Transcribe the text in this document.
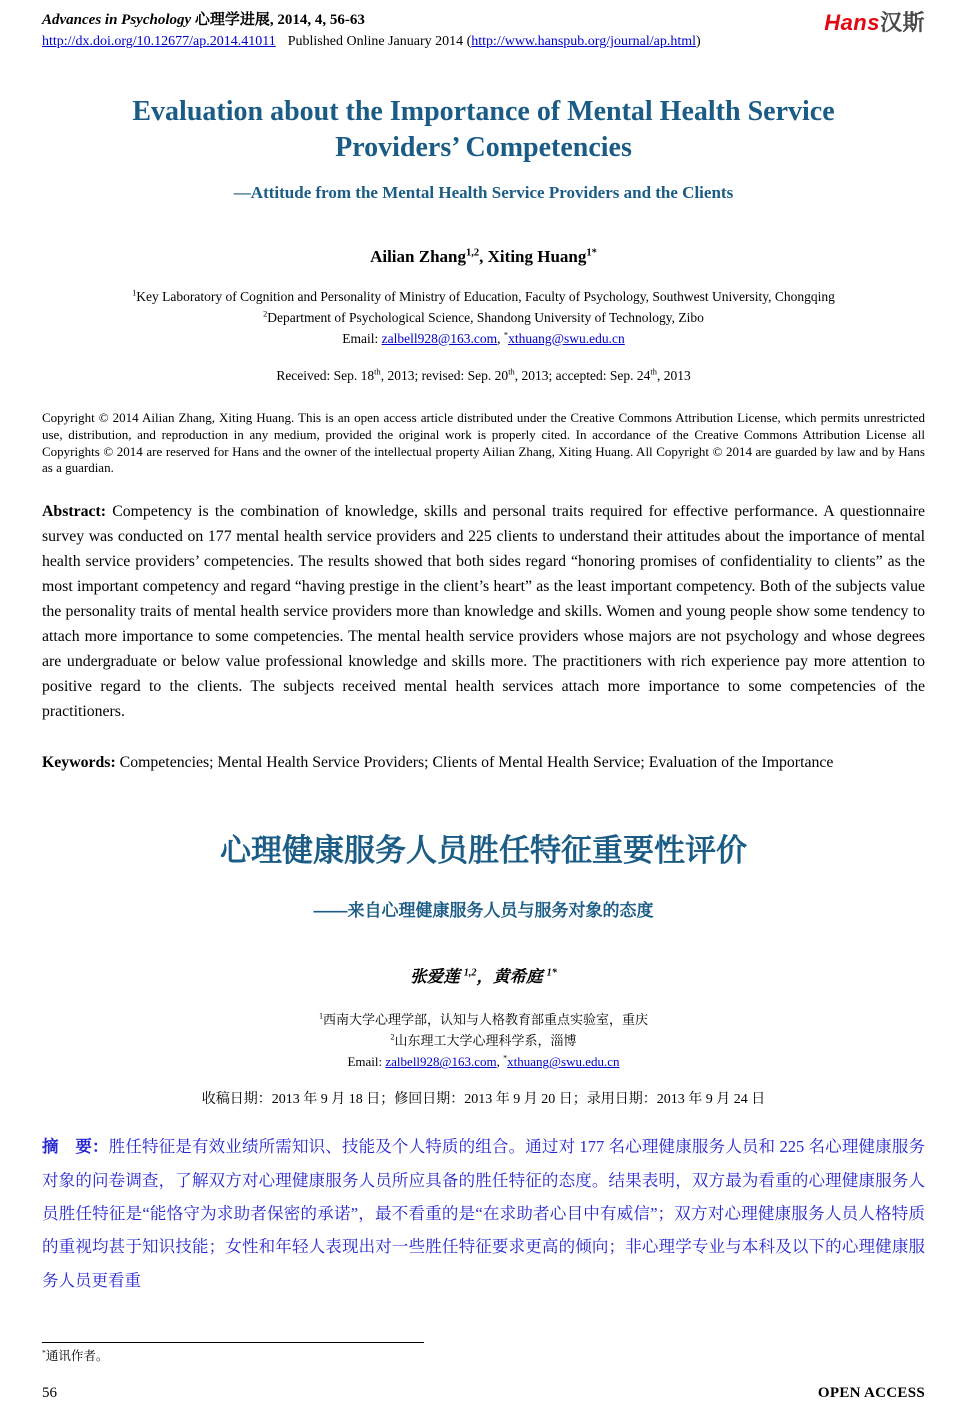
Advances in Psychology 心理学进展, 2014, 4, 56-63
http://dx.doi.org/10.12677/ap.2014.41011 Published Online January 2014 (http://www.hanspub.org/journal/ap.html)
Hans汉斯
Evaluation about the Importance of Mental Health Service Providers’ Competencies
—Attitude from the Mental Health Service Providers and the Clients
Ailian Zhang$^{1,2}$, Xiting Huang$^{1*}$
$^1$Key Laboratory of Cognition and Personality of Ministry of Education, Faculty of Psychology, Southwest University, Chongqing
$^2$Department of Psychological Science, Shandong University of Technology, Zibo
Email: zalbell928@163.com, *xthuang@swu.edu.cn
Received: Sep. 18th, 2013; revised: Sep. 20th, 2013; accepted: Sep. 24th, 2013
Copyright © 2014 Ailian Zhang, Xiting Huang. This is an open access article distributed under the Creative Commons Attribution License, which permits unrestricted use, distribution, and reproduction in any medium, provided the original work is properly cited. In accordance of the Creative Commons Attribution License all Copyrights © 2014 are reserved for Hans and the owner of the intellectual property Ailian Zhang, Xiting Huang. All Copyright © 2014 are guarded by law and by Hans as a guardian.
Abstract: Competency is the combination of knowledge, skills and personal traits required for effective performance. A questionnaire survey was conducted on 177 mental health service providers and 225 clients to understand their attitudes about the importance of mental health service providers’ competencies. The results showed that both sides regard “honoring promises of confidentiality to clients” as the most important competency and regard “having prestige in the client’s heart” as the least important competency. Both of the subjects value the personality traits of mental health service providers more than knowledge and skills. Women and young people show some tendency to attach more importance to some competencies. The mental health service providers whose majors are not psychology and whose degrees are undergraduate or below value professional knowledge and skills more. The practitioners with rich experience pay more attention to positive regard to the clients. The subjects received mental health services attach more importance to some competencies of the practitioners.
Keywords: Competencies; Mental Health Service Providers; Clients of Mental Health Service; Evaluation of the Importance
心理健康服务人员胜任特征重要性评价
——来自心理健康服务人员与服务对象的态度
张爱莲 $^{1,2}$，黄希庭 $^{1*}$
$^1$西南大学心理学部，认知与人格教育部重点实验室，重庆
$^2$山东理工大学心理科学系，淄博
Email: zalbell928@163.com, *xthuang@swu.edu.cn
收稿日期：2013 年 9 月 18 日；修回日期：2013 年 9 月 20 日；录用日期：2013 年 9 月 24 日
摘　要：胜任特征是有效业绩所需知识、技能及个人特质的组合。通过对 177 名心理健康服务人员和 225 名心理健康服务对象的问卷调查，了解双方对心理健康服务人员所应具备的胜任特征的态度。结果表明，双方最为看重的心理健康服务人员胜任特征是“能恪守为求助者保密的承诺”，最不看重的是“在求助者心目中有威信”；双方对心理健康服务人员人格特质的重视均甚于知识技能；女性和年轻人表现出对一些胜任特征要求更高的倾向；非心理学专业与本科及以下的心理健康服务人员更看重
*通讯作者。
56	OPEN ACCESS
